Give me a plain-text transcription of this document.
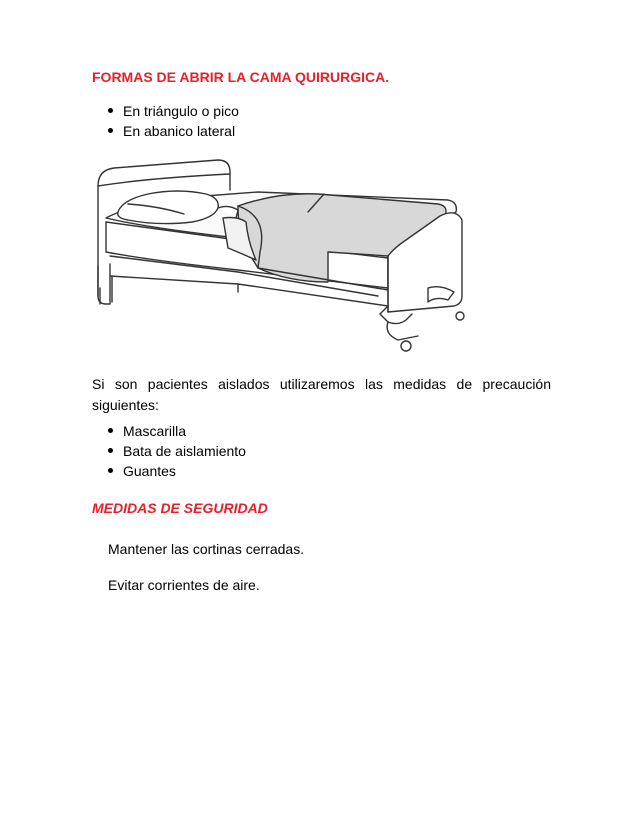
FORMAS DE ABRIR LA CAMA QUIRURGICA.
En triángulo o pico
En abanico lateral

Si son pacientes aislados utilizaremos las medidas de precaución siguientes:

Mascarilla
Bata de aislamiento
Guantes
MEDIDAS DE SEGURIDAD

Mantener las cortinas cerradas.

Evitar corrientes de aire.
